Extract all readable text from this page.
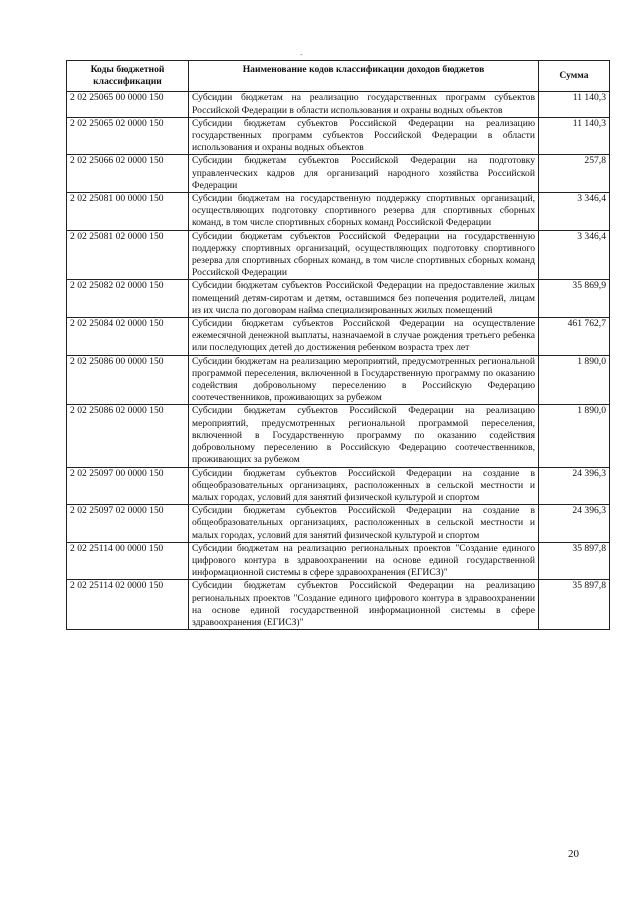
-
Коды бюджетной классификации	Наименование кодов классификации доходов бюджетов	Сумма
2 02 25065 00 0000 150	Субсидии бюджетам на реализацию государственных программ субъектов Российской Федерации в области использования и охраны водных объектов	11 140,3
2 02 25065 02 0000 150	Субсидии бюджетам субъектов Российской Федерации на реализацию государственных программ субъектов Российской Федерации в области использования и охраны водных объектов	11 140,3
2 02 25066 02 0000 150	Субсидии бюджетам субъектов Российской Федерации на подготовку управленческих кадров для организаций народного хозяйства Российской Федерации	257,8
2 02 25081 00 0000 150	Субсидии бюджетам на государственную поддержку спортивных организаций, осуществляющих подготовку спортивного резерва для спортивных сборных команд, в том числе спортивных сборных команд Российской Федерации	3 346,4
2 02 25081 02 0000 150	Субсидии бюджетам субъектов Российской Федерации на государственную поддержку спортивных организаций, осуществляющих подготовку спортивного резерва для спортивных сборных команд, в том числе спортивных сборных команд Российской Федерации	3 346,4
2 02 25082 02 0000 150	Субсидии бюджетам субъектов Российской Федерации на предоставление жилых помещений детям-сиротам и детям, оставшимся без попечения родителей, лицам из их числа по договорам найма специализированных жилых помещений	35 869,9
2 02 25084 02 0000 150	Субсидии бюджетам субъектов Российской Федерации на осуществление ежемесячной денежной выплаты, назначаемой в случае рождения третьего ребенка или последующих детей до достижения ребенком возраста трех лет	461 762,7
2 02 25086 00 0000 150	Субсидии бюджетам на реализацию мероприятий, предусмотренных региональной программой переселения, включенной в Государственную программу по оказанию содействия добровольному переселению в Российскую Федерацию соотечественников, проживающих за рубежом	1 890,0
2 02 25086 02 0000 150	Субсидии бюджетам субъектов Российской Федерации на реализацию мероприятий, предусмотренных региональной программой переселения, включенной в Государственную программу по оказанию содействия добровольному переселению в Российскую Федерацию соотечественников, проживающих за рубежом	1 890,0
2 02 25097 00 0000 150	Субсидии бюджетам субъектов Российской Федерации на создание в общеобразовательных организациях, расположенных в сельской местности и малых городах, условий для занятий физической культурой и спортом	24 396,3
2 02 25097 02 0000 150	Субсидии бюджетам субъектов Российской Федерации на создание в общеобразовательных организациях, расположенных в сельской местности и малых городах, условий для занятий физической культурой и спортом	24 396,3
2 02 25114 00 0000 150	Субсидии бюджетам на реализацию региональных проектов "Создание единого цифрового контура в здравоохранении на основе единой государственной информационной системы в сфере здравоохранения (ЕГИСЗ)"	35 897,8
2 02 25114 02 0000 150	Субсидии бюджетам субъектов Российской Федерации на реализацию региональных проектов "Создание единого цифрового контура в здравоохранении на основе единой государственной информационной системы в сфере здравоохранения (ЕГИСЗ)"	35 897,8
20
